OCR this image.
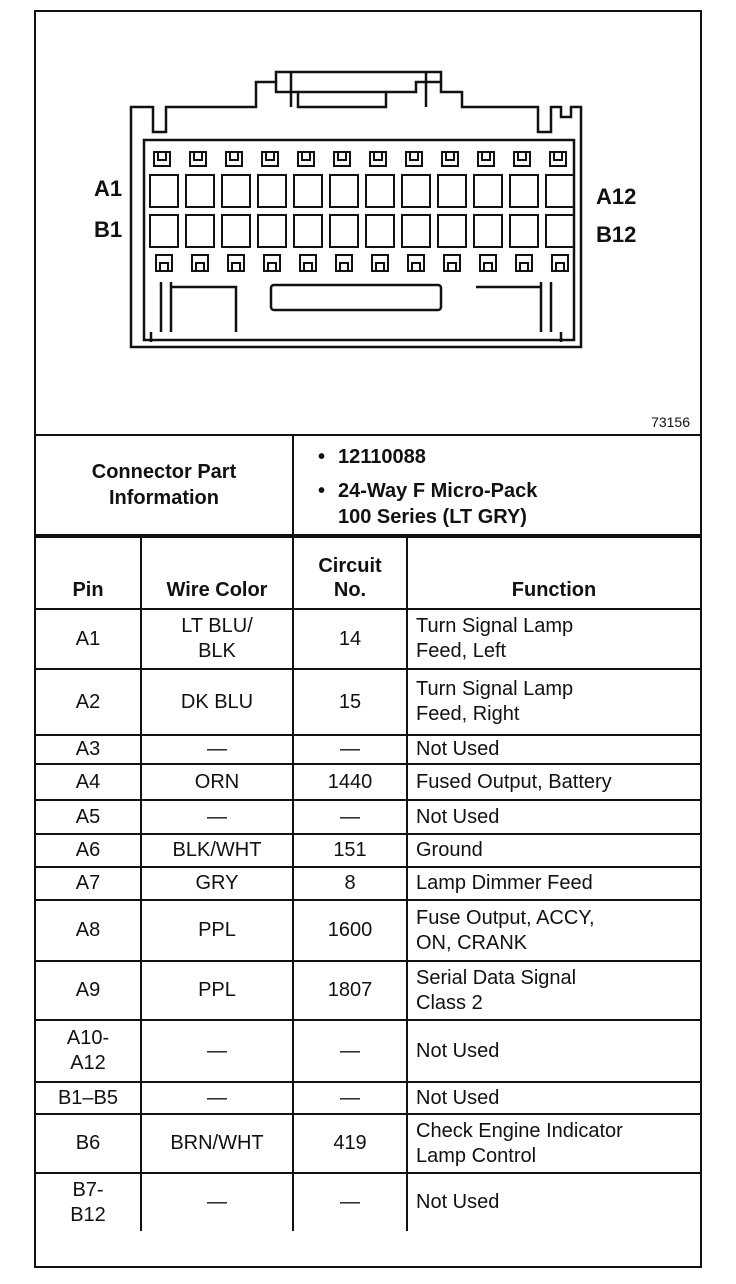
A1
B1
A12
B12
73156
Connector Part
Information
• 12110088
• 24-Way F Micro-Pack
100 Series (LT GRY)
Pin	Wire Color	Circuit
No.	Function

A1	LT BLU/
BLK	14	Turn Signal Lamp
Feed, Left

A2	DK BLU	15	Turn Signal Lamp
Feed, Right

A3	—	—	Not Used

A4	ORN	1440	Fused Output, Battery

A5	—	—	Not Used

A6	BLK/WHT	151	Ground

A7	GRY	8	Lamp Dimmer Feed

A8	PPL	1600	Fuse Output, ACCY,
ON, CRANK

A9	PPL	1807	Serial Data Signal
Class 2

A10-
A12	—	—	Not Used

B1–B5	—	—	Not Used

B6	BRN/WHT	419	Check Engine Indicator
Lamp Control

B7-
B12	—	—	Not Used
